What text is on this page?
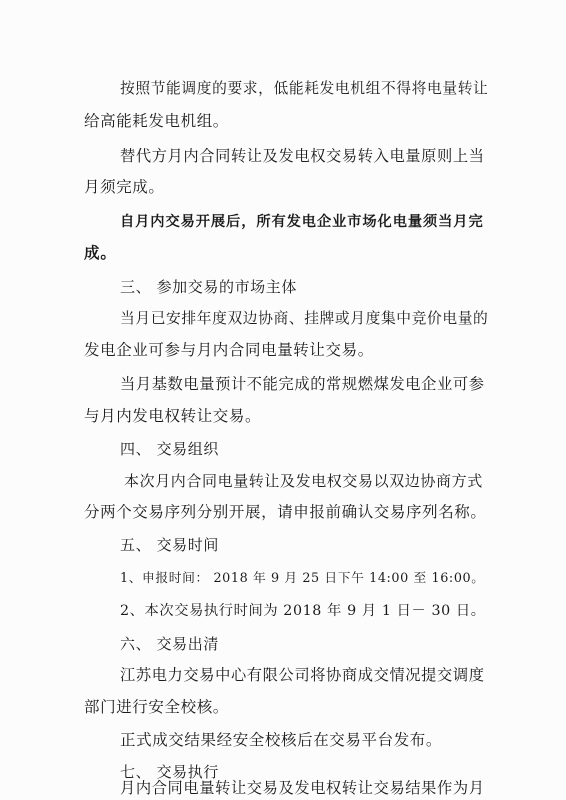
按照节能调度的要求，低能耗发电机组不得将电量转让
给高能耗发电机组。
替代方月内合同转让及发电权交易转入电量原则上当
月须完成。
自月内交易开展后，所有发电企业市场化电量须当月完
成。
三、 参加交易的市场主体
当月已安排年度双边协商、挂牌或月度集中竞价电量的
发电企业可参与月内合同电量转让交易。
当月基数电量预计不能完成的常规燃煤发电企业可参
与月内发电权转让交易。
四、 交易组织
本次月内合同电量转让及发电权交易以双边协商方式
分两个交易序列分别开展，请申报前确认交易序列名称。
五、 交易时间
1、申报时间： 2018 年 9 月 25 日下午 14:00 至 16:00。
2、本次交易执行时间为 2018 年 9 月 1 日－ 30 日。
六、 交易出清
江苏电力交易中心有限公司将协商成交情况提交调度
部门进行安全校核。
正式成交结果经安全校核后在交易平台发布。
七、 交易执行
月内合同电量转让交易及发电权转让交易结果作为月
